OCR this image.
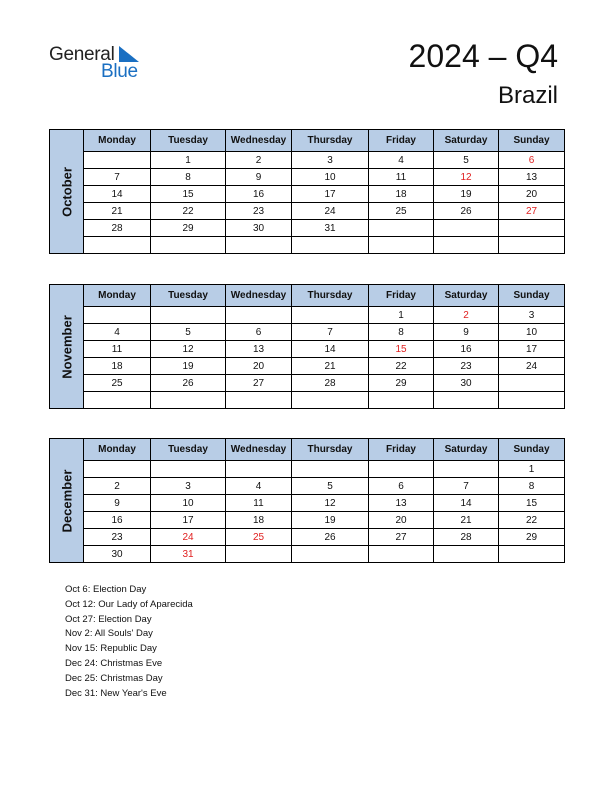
General
Blue	2024 – Q4
Brazil
October	Monday	Tuesday	Wednesday	Thursday	Friday	Saturday	Sunday
		1	2	3	4	5	6
	7	8	9	10	11	12	13
	14	15	16	17	18	19	20
	21	22	23	24	25	26	27
	28	29	30	31			

November	Monday	Tuesday	Wednesday	Thursday	Friday	Saturday	Sunday
					1	2	3
	4	5	6	7	8	9	10
	11	12	13	14	15	16	17
	18	19	20	21	22	23	24
	25	26	27	28	29	30	

December	Monday	Tuesday	Wednesday	Thursday	Friday	Saturday	Sunday
							1
	2	3	4	5	6	7	8
	9	10	11	12	13	14	15
	16	17	18	19	20	21	22
	23	24	25	26	27	28	29
	30	31					
Oct 6: Election Day
Oct 12: Our Lady of Aparecida
Oct 27: Election Day
Nov 2: All Souls' Day
Nov 15: Republic Day
Dec 24: Christmas Eve
Dec 25: Christmas Day
Dec 31: New Year's Eve
